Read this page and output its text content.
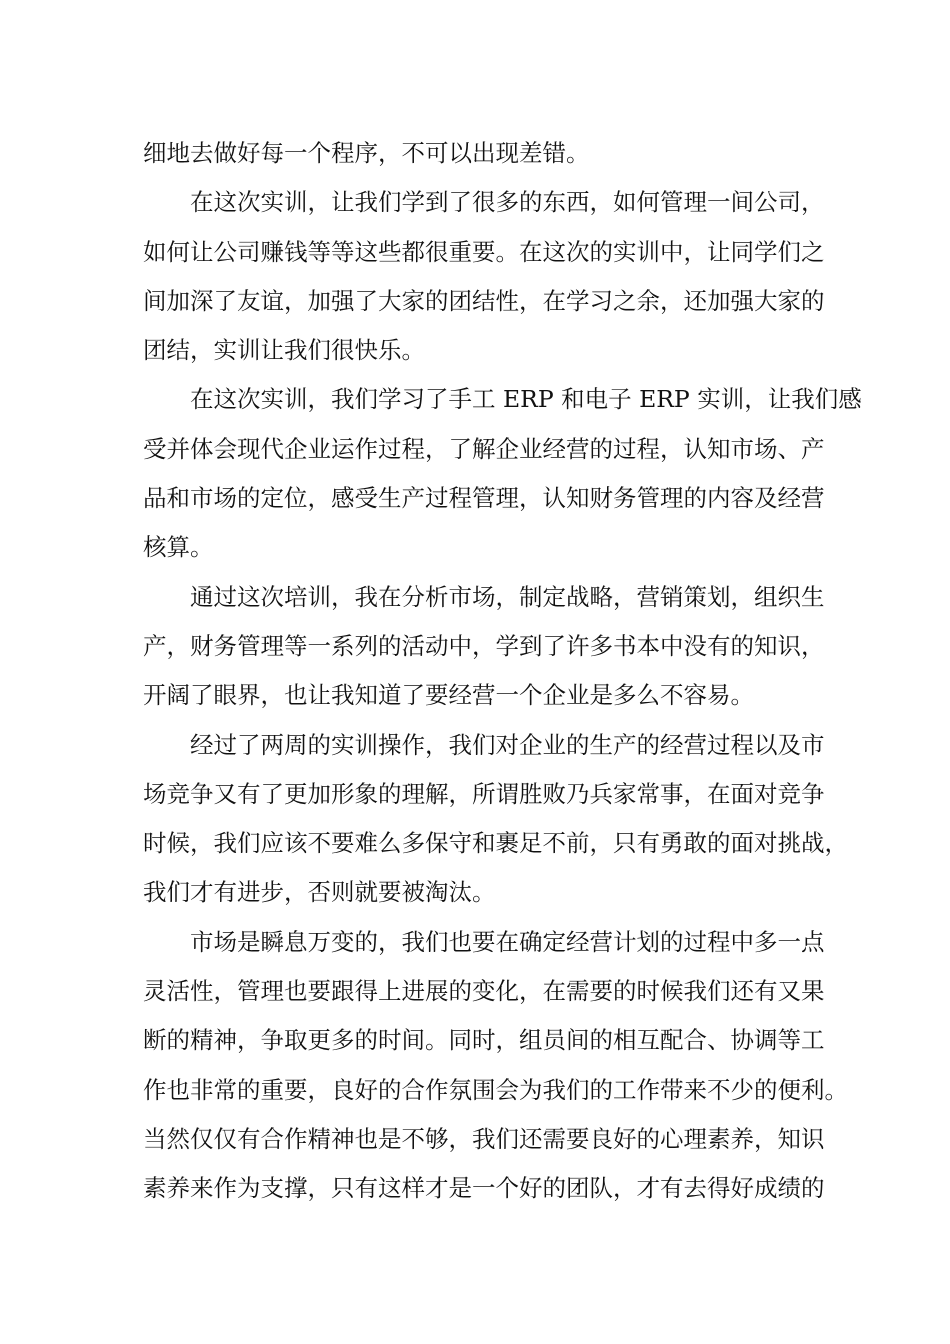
细地去做好每一个程序，不可以出现差错。
在这次实训，让我们学到了很多的东西，如何管理一间公司，
如何让公司赚钱等等这些都很重要。在这次的实训中，让同学们之
间加深了友谊，加强了大家的团结性，在学习之余，还加强大家的
团结，实训让我们很快乐。
在这次实训，我们学习了手工 ERP 和电子 ERP 实训，让我们感
受并体会现代企业运作过程，了解企业经营的过程，认知市场、产
品和市场的定位，感受生产过程管理，认知财务管理的内容及经营
核算。
通过这次培训，我在分析市场，制定战略，营销策划，组织生
产，财务管理等一系列的活动中，学到了许多书本中没有的知识，
开阔了眼界，也让我知道了要经营一个企业是多么不容易。
经过了两周的实训操作，我们对企业的生产的经营过程以及市
场竞争又有了更加形象的理解，所谓胜败乃兵家常事，在面对竞争
时候，我们应该不要难么多保守和裹足不前，只有勇敢的面对挑战，
我们才有进步，否则就要被淘汰。
市场是瞬息万变的，我们也要在确定经营计划的过程中多一点
灵活性，管理也要跟得上进展的变化，在需要的时候我们还有又果
断的精神，争取更多的时间。同时，组员间的相互配合、协调等工
作也非常的重要，良好的合作氛围会为我们的工作带来不少的便利。
当然仅仅有合作精神也是不够，我们还需要良好的心理素养，知识
素养来作为支撑，只有这样才是一个好的团队，才有去得好成绩的
